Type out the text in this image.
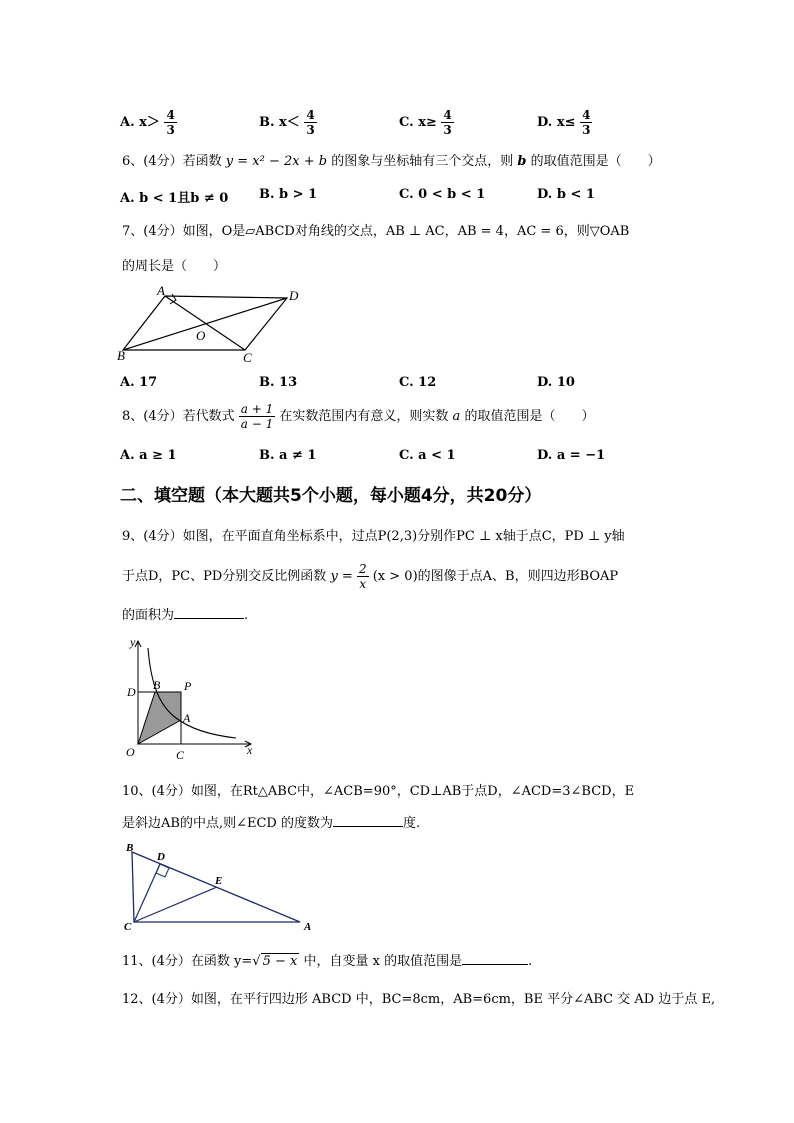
A. $x> \frac{4}{3}$	B. $x< \frac{4}{3}$	C. $x\ge \frac{4}{3}$	D. $x\le \frac{4}{3}$
6、(4分）若函数 y = x² − 2x + b 的图象与坐标轴有三个交点，则 b 的取值范围是（　　）
A. b < 1且b ≠ 0 B. b > 1	C. 0 < b < 1	D. b < 1
7、(4分）如图，O是▱ABCD对角线的交点，AB ⊥ AC，AB = 4，AC = 6，则▽OAB
的周长是（　　）
A	D
B	C
O
A. 17	B. 13	C. 12	D. 10
8、(4分）若代数式 $\frac{a + 1}{a - 1}$ 在实数范围内有意义，则实数 a 的取值范围是（　　）
A. a ≥ 1	B. a ≠ 1	C. a < 1	D. a = −1
二、填空题（本大题共5个小题，每小题4分，共20分）
9、(4分）如图，在平面直角坐标系中，过点P(2,3)分别作PC ⊥ x轴于点C，PD ⊥ y轴
于点D，PC、PD分别交反比例函数 $y = \frac{2}{x} (x > 0)$的图像于点A、B，则四边形BOAP
的面积为	.
y
x
D B P
A
O	C
10、(4分）如图，在Rt△ABC中，∠ACB=90°，CD⊥AB于点D，∠ACD=3∠BCD，E
是斜边AB的中点,则∠ECD 的度数为	度.
B
D
E
C	A
11、(4分）在函数 y=√ 5 − x 中，自变量 x 的取值范围是	.
12、(4分）如图，在平行四边形 ABCD 中，BC=8cm，AB=6cm，BE 平分∠ABC 交 AD 边于点 E,
